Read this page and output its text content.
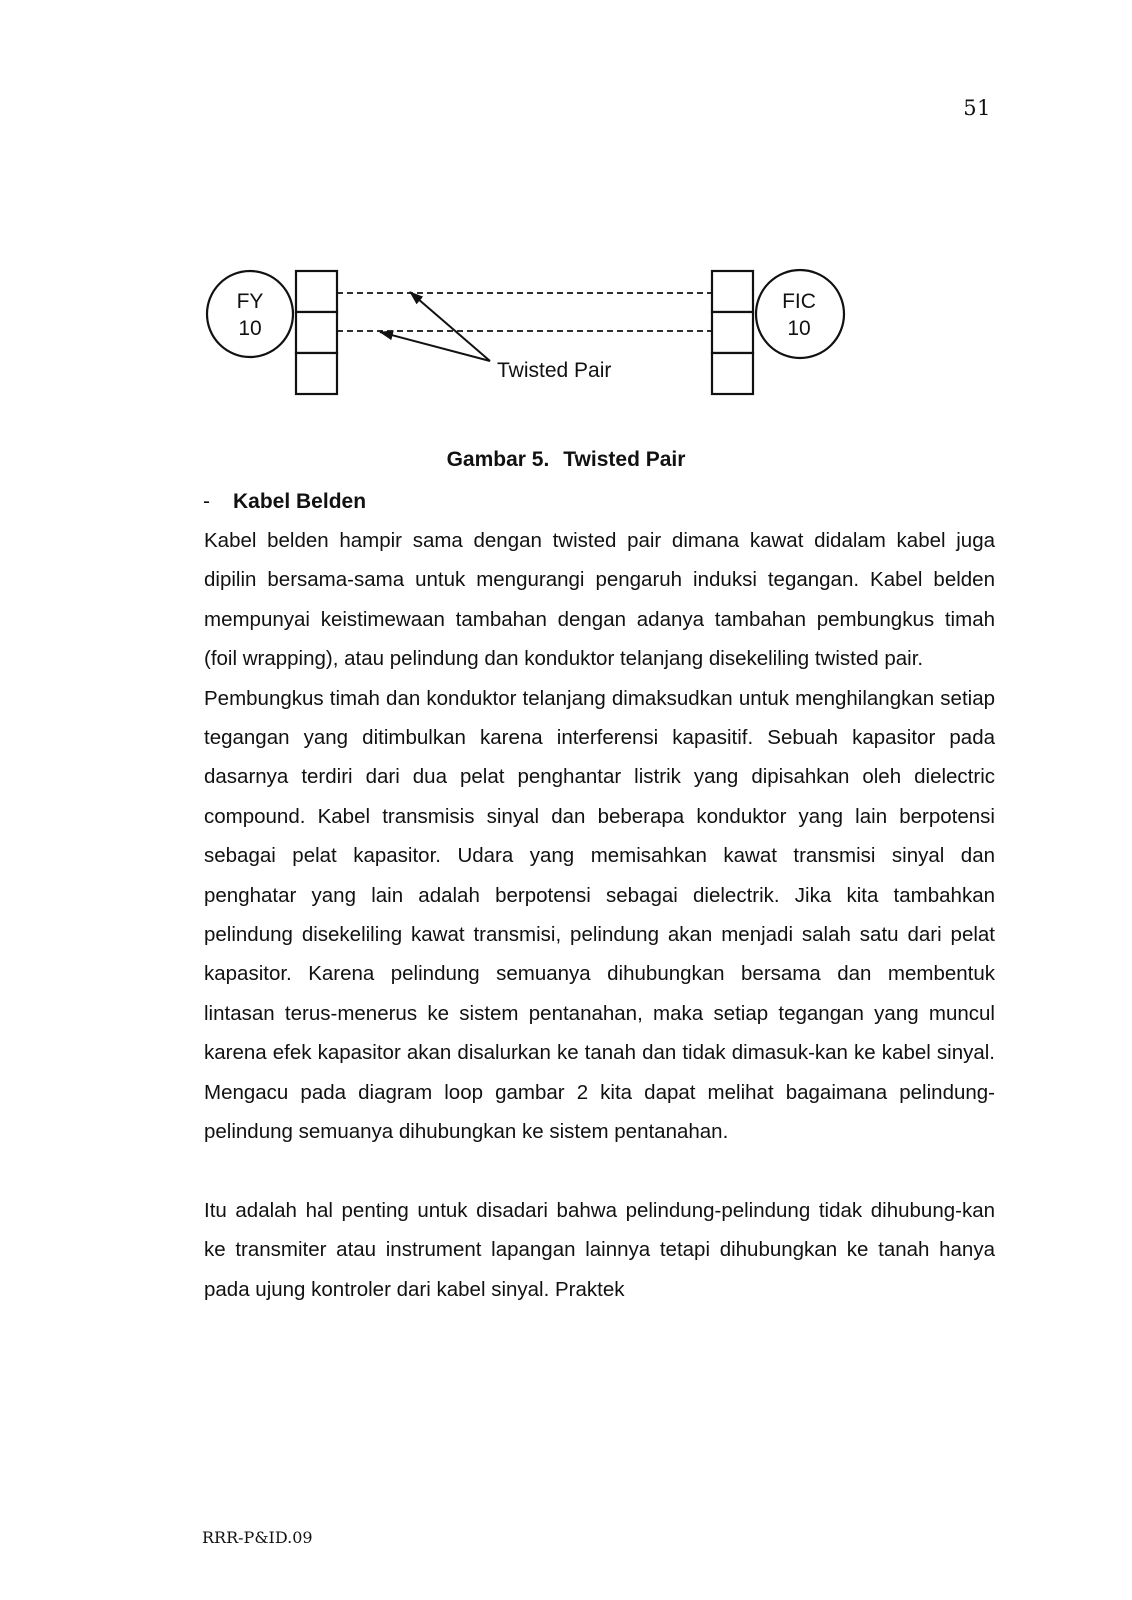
51
FY
10
FIC
10
Twisted Pair
Gambar 5. Twisted Pair
- Kabel Belden

Kabel belden hampir sama dengan twisted pair dimana kawat didalam kabel juga dipilin bersama-sama untuk mengurangi pengaruh induksi tegangan. Kabel belden mempunyai keistimewaan tambahan dengan adanya tambahan pembungkus timah (foil wrapping), atau pelindung dan konduktor telanjang disekeliling twisted pair.

Pembungkus timah dan konduktor telanjang dimaksudkan untuk menghilangkan setiap tegangan yang ditimbulkan karena interferensi kapasitif. Sebuah kapasitor pada dasarnya terdiri dari dua pelat penghantar listrik yang dipisahkan oleh dielectric compound. Kabel transmisis sinyal dan beberapa konduktor yang lain berpotensi sebagai pelat kapasitor. Udara yang memisahkan kawat transmisi sinyal dan penghatar yang lain adalah berpotensi sebagai dielectrik. Jika kita tambahkan pelindung disekeliling kawat transmisi, pelindung akan menjadi salah satu dari pelat kapasitor. Karena pelindung semuanya dihubungkan bersama dan membentuk lintasan terus-menerus ke sistem pentanahan, maka setiap tegangan yang muncul karena efek kapasitor akan disalurkan ke tanah dan tidak dimasuk-kan ke kabel sinyal. Mengacu pada diagram loop gambar 2 kita dapat melihat bagaimana pelindung-pelindung semuanya dihubungkan ke sistem pentanahan.

Itu adalah hal penting untuk disadari bahwa pelindung-pelindung tidak dihubung-kan ke transmiter atau instrument lapangan lainnya tetapi dihubungkan ke tanah hanya pada ujung kontroler dari kabel sinyal. Praktek

RRR-P&ID.09
